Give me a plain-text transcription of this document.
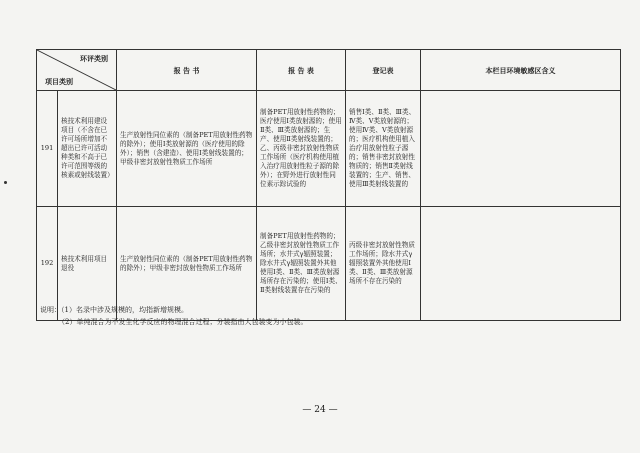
环评类别
项目类别		报 告 书	报 告 表	登记表	本栏目环境敏感区含义
191	核技术利用建设项目（不含在已许可场所增加不超出已许可活动种类和不高于已许可范围等级的核素或射线装置）	生产放射性同位素的（制备PET用放射性药物的除外）；使用Ⅰ类放射源的（医疗使用的除外）；销售（含建造）、使用Ⅰ类射线装置的；甲级非密封放射性物质工作场所	制备PET用放射性药物的；医疗使用Ⅰ类放射源的；使用Ⅱ类、Ⅲ类放射源的；生产、使用Ⅱ类射线装置的；乙、丙级非密封放射性物质工作场所（医疗机构使用植入治疗用放射性粒子源的除外）；在野外进行放射性同位素示踪试验的	销售Ⅰ类、Ⅱ类、Ⅲ类、Ⅳ类、Ⅴ类放射源的；使用Ⅳ类、Ⅴ类放射源的；医疗机构使用植入治疗用放射性粒子源的；销售非密封放射性物质的；销售Ⅱ类射线装置的；生产、销售、使用Ⅲ类射线装置的	
192	核技术利用项目退役	生产放射性同位素的（制备PET用放射性药物的除外）；甲级非密封放射性物质工作场所	制备PET用放射性药物的；乙级非密封放射性物质工作场所；水井式γ辐照装置；除水井式γ辐照装置外其他使用Ⅰ类、Ⅱ类、Ⅲ类放射源场所存在污染的；使用Ⅰ类、Ⅱ类射线装置存在污染的	丙级非密封放射性物质工作场所；除水井式γ辐照装置外其他使用Ⅰ类、Ⅱ类、Ⅲ类放射源场所不存在污染的	
说明：（1）名录中涉及规模的，均指新增规模。
（2）单纯混合为不发生化学反应的物理混合过程；分装指由大包装变为小包装。
— 24 —
